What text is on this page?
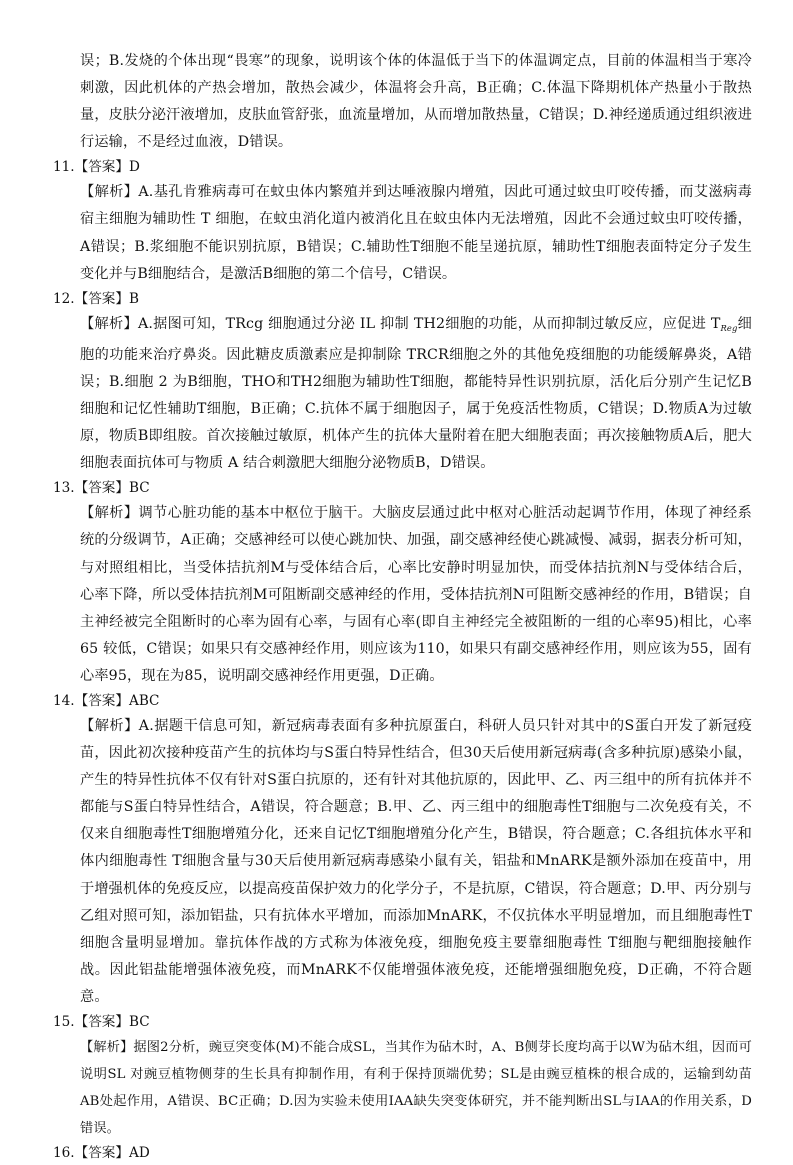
误；B.发烧的个体出现“畏寒”的现象，说明该个体的体温低于当下的体温调定点，目前的体温相当于寒冷刺激，因此机体的产热会增加，散热会减少，体温将会升高，B正确；C.体温下降期机体产热量小于散热量，皮肤分泌汗液增加，皮肤血管舒张，血流量增加，从而增加散热量，C错误；D.神经递质通过组织液进行运输，不是经过血液，D错误。

11.【答案】D

【解析】A.基孔肯雅病毒可在蚊虫体内繁殖并到达唾液腺内增殖，因此可通过蚊虫叮咬传播，而艾滋病毒宿主细胞为辅助性 T 细胞，在蚊虫消化道内被消化且在蚊虫体内无法增殖，因此不会通过蚊虫叮咬传播，A错误；B.浆细胞不能识别抗原，B错误；C.辅助性T细胞不能呈递抗原，辅助性T细胞表面特定分子发生变化并与B细胞结合，是激活B细胞的第二个信号，C错误。

12.【答案】B

【解析】A.据图可知，TRcg 细胞通过分泌 IL 抑制 TH2细胞的功能，从而抑制过敏反应，应促进 $T_{Reg}$细胞的功能来治疗鼻炎。因此糖皮质激素应是抑制除 TRCR细胞之外的其他免疫细胞的功能缓解鼻炎，A错误；B.细胞 2 为B细胞，THO和TH2细胞为辅助性T细胞，都能特异性识别抗原，活化后分别产生记忆B细胞和记忆性辅助T细胞，B正确；C.抗体不属于细胞因子，属于免疫活性物质，C错误；D.物质A为过敏原，物质B即组胺。首次接触过敏原，机体产生的抗体大量附着在肥大细胞表面；再次接触物质A后，肥大细胞表面抗体可与物质 A 结合刺激肥大细胞分泌物质B，D错误。

13.【答案】BC

【解析】调节心脏功能的基本中枢位于脑干。大脑皮层通过此中枢对心脏活动起调节作用，体现了神经系统的分级调节，A正确；交感神经可以使心跳加快、加强，副交感神经使心跳减慢、减弱，据表分析可知，与对照组相比，当受体拮抗剂M与受体结合后，心率比安静时明显加快，而受体拮抗剂N与受体结合后，心率下降，所以受体拮抗剂M可阻断副交感神经的作用，受体拮抗剂N可阻断交感神经的作用，B错误；自主神经被完全阻断时的心率为固有心率，与固有心率(即自主神经完全被阻断的一组的心率95)相比，心率65 较低，C错误；如果只有交感神经作用，则应该为110，如果只有副交感神经作用，则应该为55，固有心率95，现在为85，说明副交感神经作用更强，D正确。

14.【答案】ABC

【解析】A.据题干信息可知，新冠病毒表面有多种抗原蛋白，科研人员只针对其中的S蛋白开发了新冠疫苗，因此初次接种疫苗产生的抗体均与S蛋白特异性结合，但30天后使用新冠病毒(含多种抗原)感染小鼠，产生的特异性抗体不仅有针对S蛋白抗原的，还有针对其他抗原的，因此甲、乙、丙三组中的所有抗体并不都能与S蛋白特异性结合，A错误，符合题意；B.甲、乙、丙三组中的细胞毒性T细胞与二次免疫有关，不仅来自细胞毒性T细胞增殖分化，还来自记忆T细胞增殖分化产生，B错误，符合题意；C.各组抗体水平和体内细胞毒性 T细胞含量与30天后使用新冠病毒感染小鼠有关，铝盐和MnARK是额外添加在疫苗中，用于增强机体的免疫反应，以提高疫苗保护效力的化学分子，不是抗原，C错误，符合题意；D.甲、丙分别与乙组对照可知，添加铝盐，只有抗体水平增加，而添加MnARK，不仅抗体水平明显增加，而且细胞毒性T细胞含量明显增加。靠抗体作战的方式称为体液免疫，细胞免疫主要靠细胞毒性 T细胞与靶细胞接触作战。因此铝盐能增强体液免疫，而MnARK不仅能增强体液免疫，还能增强细胞免疫，D正确，不符合题意。

15.【答案】BC

【解析】据图2分析，豌豆突变体(M)不能合成SL，当其作为砧木时，A、B侧芽长度均高于以W为砧木组，因而可说明SL 对豌豆植物侧芽的生长具有抑制作用，有利于保持顶端优势；SL是由豌豆植株的根合成的，运输到幼苗AB处起作用，A错误、BC正确；D.因为实验未使用IAA缺失突变体研究，并不能判断出SL与IAA的作用关系，D错误。

16.【答案】AD
